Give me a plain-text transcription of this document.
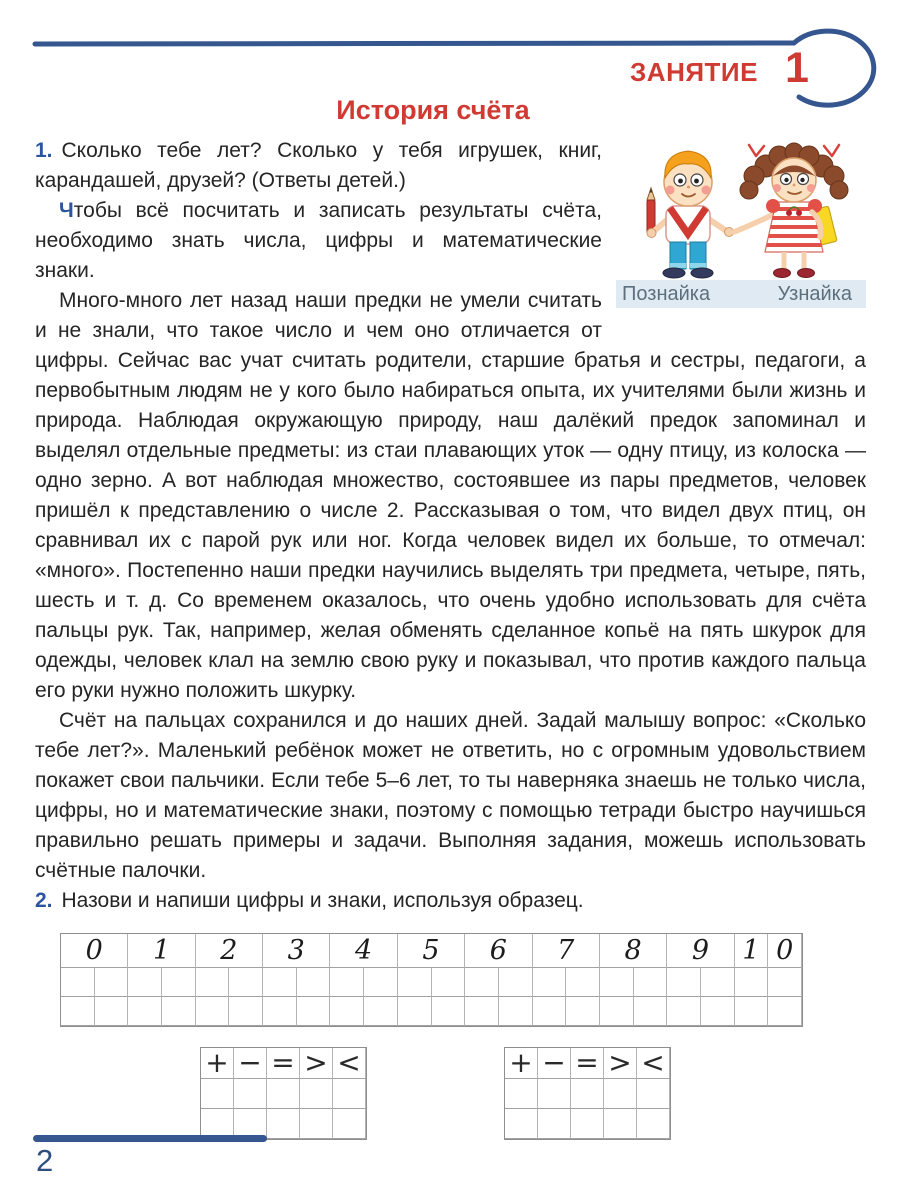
ЗАНЯТИЕ 1
История счёта
Познайка	Узнайка

1. Сколько тебе лет? Сколько у тебя игрушек, книг, карандашей, друзей? (Ответы детей.)

Чтобы всё посчитать и записать результаты счёта, необходимо знать числа, цифры и математические знаки.

Много-много лет назад наши предки не умели считать и не знали, что такое число и чем оно отличается от цифры. Сейчас вас учат считать родители, старшие братья и сестры, педагоги, а первобытным людям не у кого было набираться опыта, их учителями были жизнь и природа. Наблюдая окружающую природу, наш далёкий предок запоминал и выделял отдельные предметы: из стаи плавающих уток — одну птицу, из колоска — одно зерно. А вот наблюдая множество, состоявшее из пары предметов, человек пришёл к представлению о числе 2. Рассказывая о том, что видел двух птиц, он сравнивал их с парой рук или ног. Когда человек видел их больше, то отмечал: «много». Постепенно наши предки научились выделять три предмета, четыре, пять, шесть и т. д. Со временем оказалось, что очень удобно использовать для счёта пальцы рук. Так, например, желая обменять сделанное копьё на пять шкурок для одежды, человек клал на землю свою руку и показывал, что против каждого пальца его руки нужно положить шкурку.

Счёт на пальцах сохранился и до наших дней. Задай малышу вопрос: «Сколько тебе лет?». Маленький ребёнок может не ответить, но с огромным удовольствием покажет свои пальчики. Если тебе 5–6 лет, то ты наверняка знаешь не только числа, цифры, но и математические знаки, поэтому с помощью тетради быстро научишься правильно решать примеры и задачи. Выполняя задания, можешь использовать счётные палочки.

2. Назови и напиши цифры и знаки, используя образец.

0	1	2	3	4	5	6	7	8	9	1 0
+ − = > <	+ − = > <
2
